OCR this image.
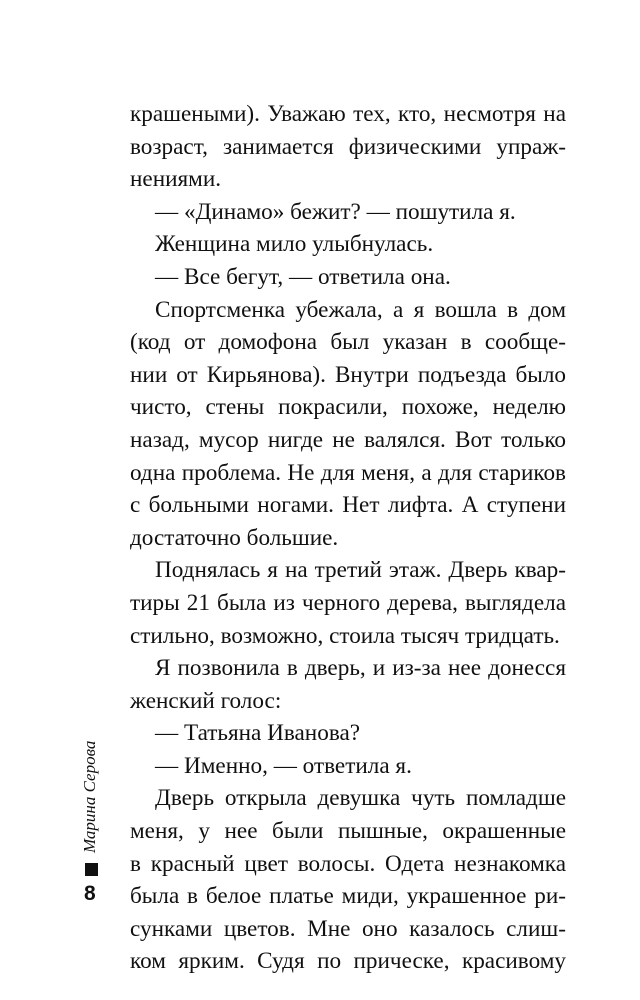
крашеными). Уважаю тех, кто, несмотря на
возраст, занимается физическими упраж-
нениями.
— «Динамо» бежит? — пошутила я.
Женщина мило улыбнулась.
— Все бегут, — ответила она.
Спортсменка убежала, а я вошла в дом
(код от домофона был указан в сообще-
нии от Кирьянова). Внутри подъезда было
чисто, стены покрасили, похоже, неделю
назад, мусор нигде не валялся. Вот только
одна проблема. Не для меня, а для стариков
с больными ногами. Нет лифта. А ступени
достаточно большие.
Поднялась я на третий этаж. Дверь квар-
тиры 21 была из черного дерева, выглядела
стильно, возможно, стоила тысяч тридцать.
Я позвонила в дверь, и из-за нее донесся
женский голос:
— Татьяна Иванова?
— Именно, — ответила я.
Дверь открыла девушка чуть помладше
меня, у нее были пышные, окрашенные
в красный цвет волосы. Одета незнакомка
была в белое платье миди, украшенное ри-
сунками цветов. Мне оно казалось слиш-
ком ярким. Судя по прическе, красивому
Марина Серова
8
